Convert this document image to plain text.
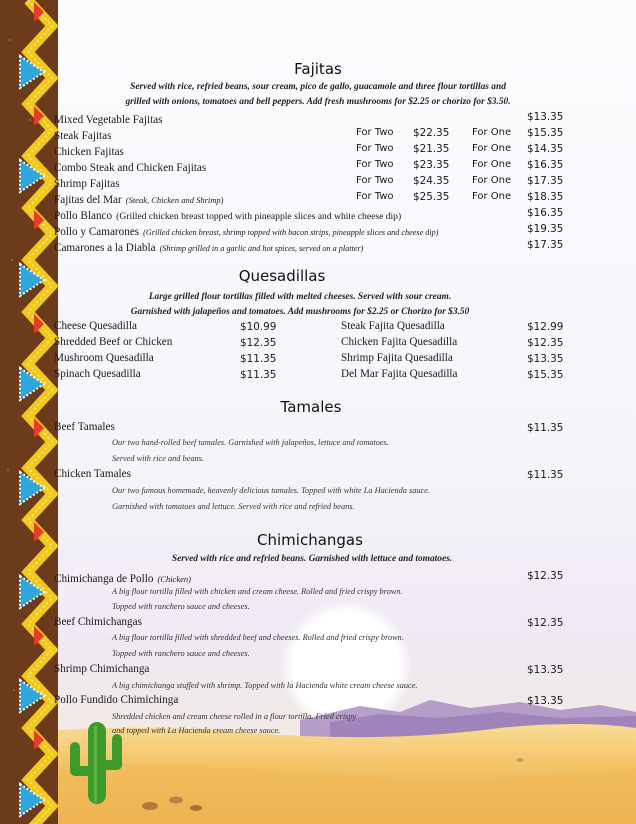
Fajitas
Served with rice, refried beans, sour cream, pico de gallo, guacamole and three flour tortillas and
grilled with onions, tomatoes and bell peppers. Add fresh mushrooms for $2.25 or chorizo for $3.50.
Mixed Vegetable Fajitas	$13.35
Steak Fajitas	For Two $22.35 For One $15.35
Chicken Fajitas	For Two $21.35 For One $14.35
Combo Steak and Chicken Fajitas	For Two $23.35 For One $16.35
Shrimp Fajitas	For Two $24.35 For One $17.35
Fajitas del Mar (Steak, Chicken and Shrimp)	For Two $25.35 For One $18.35
Pollo Blanco (Grilled chicken breast topped with pineapple slices and white cheese dip)	$16.35
Pollo y Camarones (Grilled chicken breast, shrimp topped with bacon strips, pineapple slices and cheese dip)	$19.35
Camarones a la Diabla (Shrimp grilled in a garlic and hot spices, served on a platter)	$17.35
Quesadillas
Large grilled flour tortillas filled with melted cheeses. Served with sour cream.
Garnished with jalapeños and tomatoes. Add mushrooms for $2.25 or Chorizo for $3.50
Cheese Quesadilla	$10.99	Steak Fajita Quesadilla	$12.99
Shredded Beef or Chicken	$12.35	Chicken Fajita Quesadilla	$12.35
Mushroom Quesadilla	$11.35	Shrimp Fajita Quesadilla	$13.35
Spinach Quesadilla	$11.35	Del Mar Fajita Quesadilla	$15.35
Tamales
Beef Tamales	$11.35
Our two hand-rolled beef tamales. Garnished with jalapeños, lettuce and tomatoes.
Served with rice and beans.
Chicken Tamales	$11.35
Our two famous homemade, heavenly delicious tamales. Topped with white La Hacienda sauce.
Garnished with tomatoes and lettuce. Served with rice and refried beans.
Chimichangas
Served with rice and refried beans. Garnished with lettuce and tomatoes.
Chimichanga de Pollo (Chicken)	$12.35
A big flour tortilla filled with chicken and cream cheese. Rolled and fried crispy brown.
Topped with ranchero sauce and cheeses.
Beef Chimichangas	$12.35
A big flour tortilla filled with shredded beef and cheeses. Rolled and fried crispy brown.
Topped with ranchero sauce and cheeses.
Shrimp Chimichanga	$13.35
A big chimichanga stuffed with shrimp. Topped with la Hacienda white cream cheese sauce.
Pollo Fundido Chimichinga	$13.35
Shredded chicken and cream cheese rolled in a flour tortilla. Fried crispy
and topped with La Hacienda cream cheese sauce.
